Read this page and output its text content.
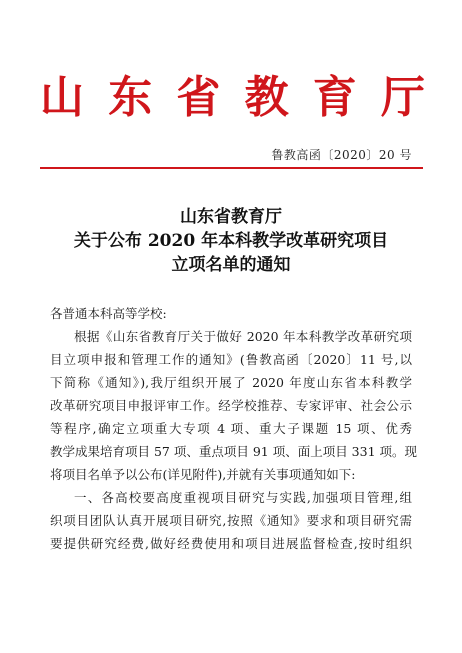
山 东 省 教 育 厅
鲁教高函〔2020〕20 号
山东省教育厅
关于公布 2020 年本科教学改革研究项目
立项名单的通知

各普通本科高等学校:

根据《山东省教育厅关于做好 2020 年本科教学改革研究项
目立项申报和管理工作的通知》(鲁教高函〔2020〕11 号,以
下简称《通知》),我厅组织开展了 2020 年度山东省本科教学
改革研究项目申报评审工作。经学校推荐、专家评审、社会公示
等程序,确定立项重大专项 4 项、重大子课题 15 项、优秀
教学成果培育项目 57 项、重点项目 91 项、面上项目 331 项。现
将项目名单予以公布(详见附件),并就有关事项通知如下:

一、各高校要高度重视项目研究与实践,加强项目管理,组
织项目团队认真开展项目研究,按照《通知》要求和项目研究需
要提供研究经费,做好经费使用和项目进展监督检查,按时组织
